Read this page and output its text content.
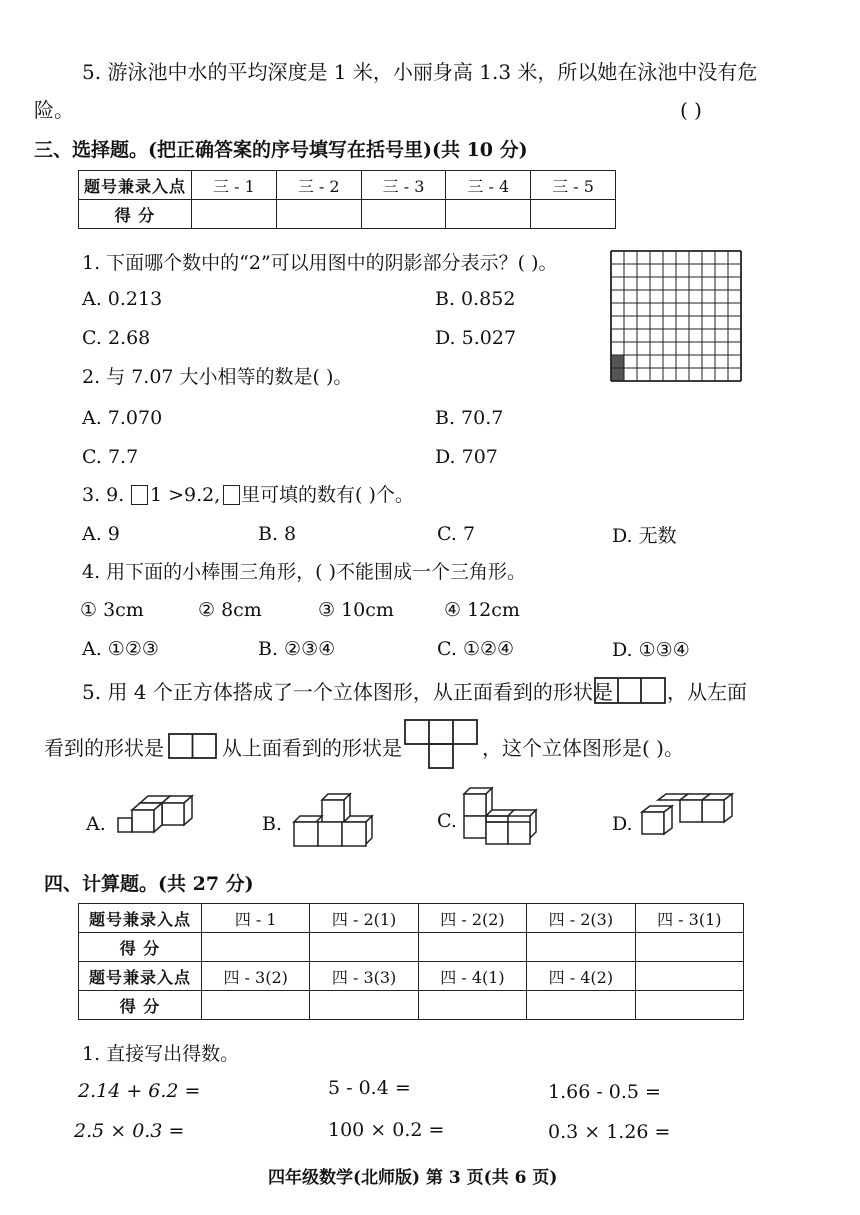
5. 游泳池中水的平均深度是 1 米，小丽身高 1.3 米，所以她在泳池中没有危
险。	( )
三、选择题。(把正确答案的序号填写在括号里)(共 10 分)
题号兼录入点	三 - 1	三 - 2	三 - 3	三 - 4	三 - 5
得 分					
1. 下面哪个数中的“2”可以用图中的阴影部分表示？( )。
A. 0.213	B. 0.852
C. 2.68	D. 5.027
2. 与 7.07 大小相等的数是( )。
A. 7.070	B. 70.7
C. 7.7	D. 707
3. 9. 1 >9.2, 里可填的数有( )个。
A. 9	B. 8	C. 7	D. 无数
4. 用下面的小棒围三角形，( )不能围成一个三角形。
① 3cm	② 8cm	③ 10cm	④ 12cm
A. ①②③	B. ②③④	C. ①②④	D. ①③④
5. 用 4 个正方体搭成了一个立体图形，从正面看到的形状是	，从左面
看到的形状是	从上面看到的形状是	，这个立体图形是( )。
A.	B.	C.	D.
四、计算题。(共 27 分)
题号兼录入点	四 - 1	四 - 2(1)	四 - 2(2)	四 - 2(3)	四 - 3(1)
得 分					
题号兼录入点	四 - 3(2)	四 - 3(3)	四 - 4(1)	四 - 4(2)	
得 分					
1. 直接写出得数。
2.14 + 6.2 =	5 - 0.4 =	1.66 - 0.5 =
2.5 × 0.3 =	100 × 0.2 =	0.3 × 1.26 =
四年级数学(北师版) 第 3 页(共 6 页)
